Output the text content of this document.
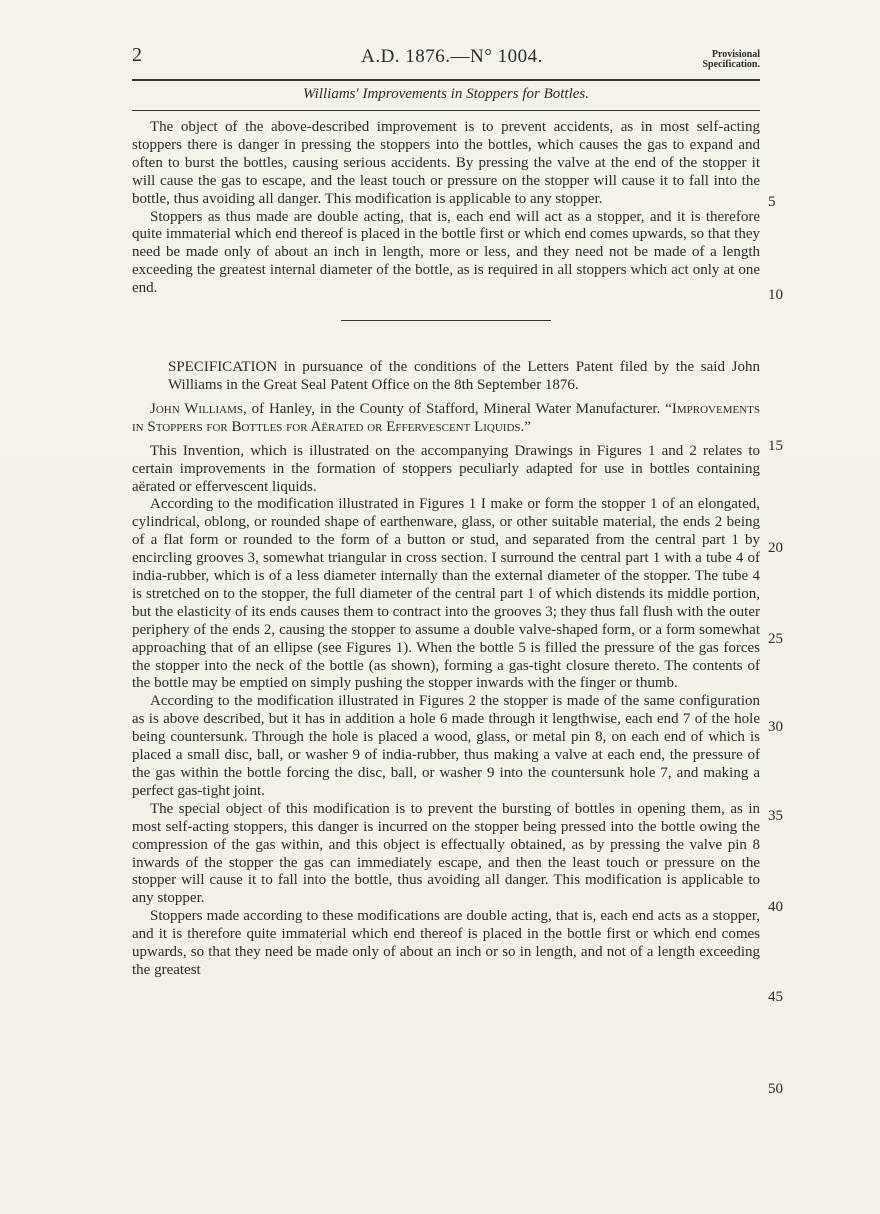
2	A.D. 1876.—N° 1004.	Provisional
Specification.
Williams' Improvements in Stoppers for Bottles.

The object of the above-described improvement is to prevent accidents, as in most self-acting stoppers there is danger in pressing the stoppers into the bottles, which causes the gas to expand and often to burst the bottles, causing serious accidents. By pressing the valve at the end of the stopper it will cause the gas to escape, and the least touch or pressure on the stopper will cause it to fall into the bottle, thus avoiding all danger. This modification is applicable to any stopper.

Stoppers as thus made are double acting, that is, each end will act as a stopper, and it is therefore quite immaterial which end thereof is placed in the bottle first or which end comes upwards, so that they need be made only of about an inch in length, more or less, and they need not be made of a length exceeding the greatest internal diameter of the bottle, as is required in all stoppers which act only at one end.

SPECIFICATION in pursuance of the conditions of the Letters Patent filed by the said John Williams in the Great Seal Patent Office on the 8th September 1876.

John Williams, of Hanley, in the County of Stafford, Mineral Water Manufacturer. “Improvements in Stoppers for Bottles for Aërated or Effervescent Liquids.”

This Invention, which is illustrated on the accompanying Drawings in Figures 1 and 2 relates to certain improvements in the formation of stoppers peculiarly adapted for use in bottles containing aërated or effervescent liquids.

According to the modification illustrated in Figures 1 I make or form the stopper 1 of an elongated, cylindrical, oblong, or rounded shape of earthenware, glass, or other suitable material, the ends 2 being of a flat form or rounded to the form of a button or stud, and separated from the central part 1 by encircling grooves 3, somewhat triangular in cross section. I surround the central part 1 with a tube 4 of india-rubber, which is of a less diameter internally than the external diameter of the stopper. The tube 4 is stretched on to the stopper, the full diameter of the central part 1 of which distends its middle portion, but the elasticity of its ends causes them to contract into the grooves 3; they thus fall flush with the outer periphery of the ends 2, causing the stopper to assume a double valve-shaped form, or a form somewhat approaching that of an ellipse (see Figures 1). When the bottle 5 is filled the pressure of the gas forces the stopper into the neck of the bottle (as shown), forming a gas-tight closure thereto. The contents of the bottle may be emptied on simply pushing the stopper inwards with the finger or thumb.

According to the modification illustrated in Figures 2 the stopper is made of the same configuration as is above described, but it has in addition a hole 6 made through it lengthwise, each end 7 of the hole being countersunk. Through the hole is placed a wood, glass, or metal pin 8, on each end of which is placed a small disc, ball, or washer 9 of india-rubber, thus making a valve at each end, the pressure of the gas within the bottle forcing the disc, ball, or washer 9 into the countersunk hole 7, and making a perfect gas-tight joint.

The special object of this modification is to prevent the bursting of bottles in opening them, as in most self-acting stoppers, this danger is incurred on the stopper being pressed into the bottle owing the compression of the gas within, and this object is effectually obtained, as by pressing the valve pin 8 inwards of the stopper the gas can immediately escape, and then the least touch or pressure on the stopper will cause it to fall into the bottle, thus avoiding all danger. This modification is applicable to any stopper.

Stoppers made according to these modifications are double acting, that is, each end acts as a stopper, and it is therefore quite immaterial which end thereof is placed in the bottle first or which end comes upwards, so that they need be made only of about an inch or so in length, and not of a length exceeding the greatest

5
10
15
20
25
30
35
40
45
50
